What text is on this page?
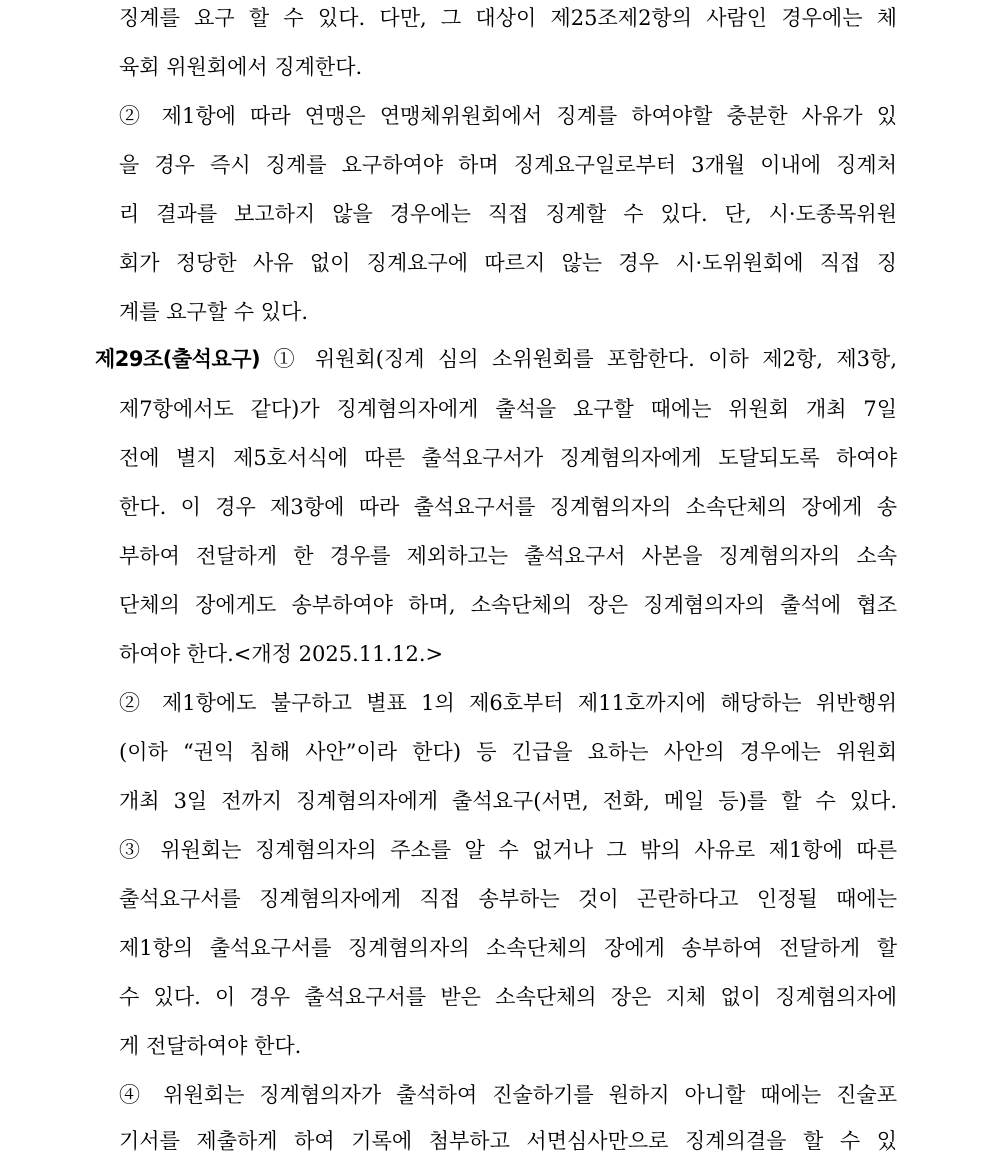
징계를 요구 할 수 있다. 다만, 그 대상이 제25조제2항의 사람인 경우에는 체
육회 위원회에서 징계한다.
② 제1항에 따라 연맹은 연맹체위원회에서 징계를 하여야할 충분한 사유가 있
을 경우 즉시 징계를 요구하여야 하며 징계요구일로부터 3개월 이내에 징계처
리 결과를 보고하지 않을 경우에는 직접 징계할 수 있다. 단, 시·도종목위원
회가 정당한 사유 없이 징계요구에 따르지 않는 경우 시·도위원회에 직접 징
계를 요구할 수 있다.
제29조(출석요구) ① 위원회(징계 심의 소위원회를 포함한다. 이하 제2항, 제3항,
제7항에서도 같다)가 징계혐의자에게 출석을 요구할 때에는 위원회 개최 7일
전에 별지 제5호서식에 따른 출석요구서가 징계혐의자에게 도달되도록 하여야
한다. 이 경우 제3항에 따라 출석요구서를 징계혐의자의 소속단체의 장에게 송
부하여 전달하게 한 경우를 제외하고는 출석요구서 사본을 징계혐의자의 소속
단체의 장에게도 송부하여야 하며, 소속단체의 장은 징계혐의자의 출석에 협조
하여야 한다.<개정 2025.11.12.>
② 제1항에도 불구하고 별표 1의 제6호부터 제11호까지에 해당하는 위반행위
(이하 “권익 침해 사안”이라 한다) 등 긴급을 요하는 사안의 경우에는 위원회
개최 3일 전까지 징계혐의자에게 출석요구(서면, 전화, 메일 등)를 할 수 있다.
③ 위원회는 징계혐의자의 주소를 알 수 없거나 그 밖의 사유로 제1항에 따른
출석요구서를 징계혐의자에게 직접 송부하는 것이 곤란하다고 인정될 때에는
제1항의 출석요구서를 징계혐의자의 소속단체의 장에게 송부하여 전달하게 할
수 있다. 이 경우 출석요구서를 받은 소속단체의 장은 지체 없이 징계혐의자에
게 전달하여야 한다.
④ 위원회는 징계혐의자가 출석하여 진술하기를 원하지 아니할 때에는 진술포
기서를 제출하게 하여 기록에 첨부하고 서면심사만으로 징계의결을 할 수 있
